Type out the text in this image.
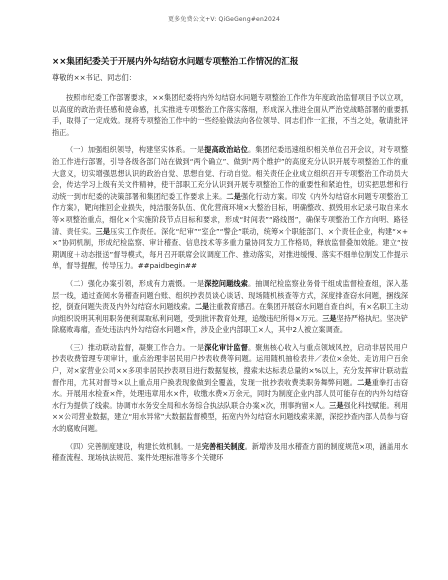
更多免费公文+V: QiGeGeng#en2024
××集团纪委关于开展内外勾结窃水问题专项整治工作情况的汇报
尊敬的××书记、同志们：

按照市纪委工作部署要求，××集团纪委将内外勾结窃水问题专项整治工作作为年度政治监督项目予以立项，以高度的政治责任感和使命感，扎实推进专项整治工作落实落细，形成深入推进全面从严治党战略部署的重要抓手，取得了一定成效。现将专项整治工作中的一些经验做法向各位领导、同志们作一汇报，不当之处，敬请批评指正。

（一）加强组织领导，构建坚实体系。一是提高政治站位。集团纪委迅速组织相关单位召开会议，对专项整治工作进行部署，引导各级各部门站在做到“两个确立”、做到“两个维护”的高度充分认识开展专项整治工作的重大意义，切实增强思想认识的政治自觉、思想自觉、行动自觉。相关责任企业成立组织召开专项整治工作动员大会，传达学习上级有关文件精神，使干部职工充分认识到开展专项整治工作的重要性和紧迫性，切实把思想和行动统一到市纪委的决策部署和集团纪委工作要求上来。二是强化行动方案。印发《内外勾结窃水问题专项整治工作方案》，靶向推回企业损失，纯洁服务队伍、优化营商环境×大整治目标，明确整改、损毁用水记录弓取自来水等×项整治重点，细化×个实施阶段节点目标和要求，形成“时间表”“路线图”，确保专项整治工作方向明、路径清、责任实。三是压实工作责任。深化“纪审”“室企”“警企”联动，统筹×个职能部门、×个责任企业，构建“×+×”协同机制，形成纪检监察、审计稽查、信息技术等多重力量协同发力工作格局，释放监督叠加效能。建立“按期调度＋动态报送”督导模式，每月召开联席会议调度工作、推动落实，对推进缓慢、落实不细单位制发工作提示单，督导提醒，传导压力。##paidbegin##

（二）强化办案引领，形成有力震慑。一是深挖问题线索。抽调纪检监察业务骨干组成监督检查组，深入基层一线，通过查阅水务稽查问题台账、组织抄表员谈心谈话、现场随机核查等方式，深度排查窃水问题，捆线深挖，倒查问题失责及内外勾结窃水问题线索。二是注重教育感召。在集团开展窃水问题自查自纠，有×名职工主动向组织说明其利用职务便利谋取私利问题，受到批评教育处理，追缴违纪所得×万元。三是坚持严格执纪。坚决铲除腐败毒瘤，查处违法内外勾结窃水问题×件，涉及企业内部职工×人，其中2人被立案调查。

（三）推动联动监督，凝聚工作合力。一是深化审计监督。聚焦核心收入与重点领域风控，启动非居民用户抄表收费管理专项审计，重点治理非居民用户抄表收费等问题。运用随机抽检表井／表位×余处、走访用户百余户，对×家营业公司××多项非居民抄表项目进行数据复核，搜索未达标表总量的×%以上，充分发挥审计联动监督作用，尤其对督导×以上重点用户换表现象做到全覆盖，发现一批抄表收费类职务舞弊问题。二是重拳打击窃水。开展用水检查×件，处理违章用水×件，收缴水费×万余元，同时为制度企业内部人员可能存在的内外勾结窃水行为提供了线索。协调市水务安全局和水务综合执法队联合办案×次，刑事拘留×人。三是强化科技赋能。利用××公司营业数据，建立“用水异常”大数据监督模型，拓宽内外勾结窃水问题线索来源，深挖抄查内部人员参与窃水的腐败问题。

（四）完善制度建设，构建长效机制。一是完善相关制度。新增涉及用水稽查方面的制度规范×项，涵盖用水稽查流程、现场执法规范、案件处理标准等多个关键环
